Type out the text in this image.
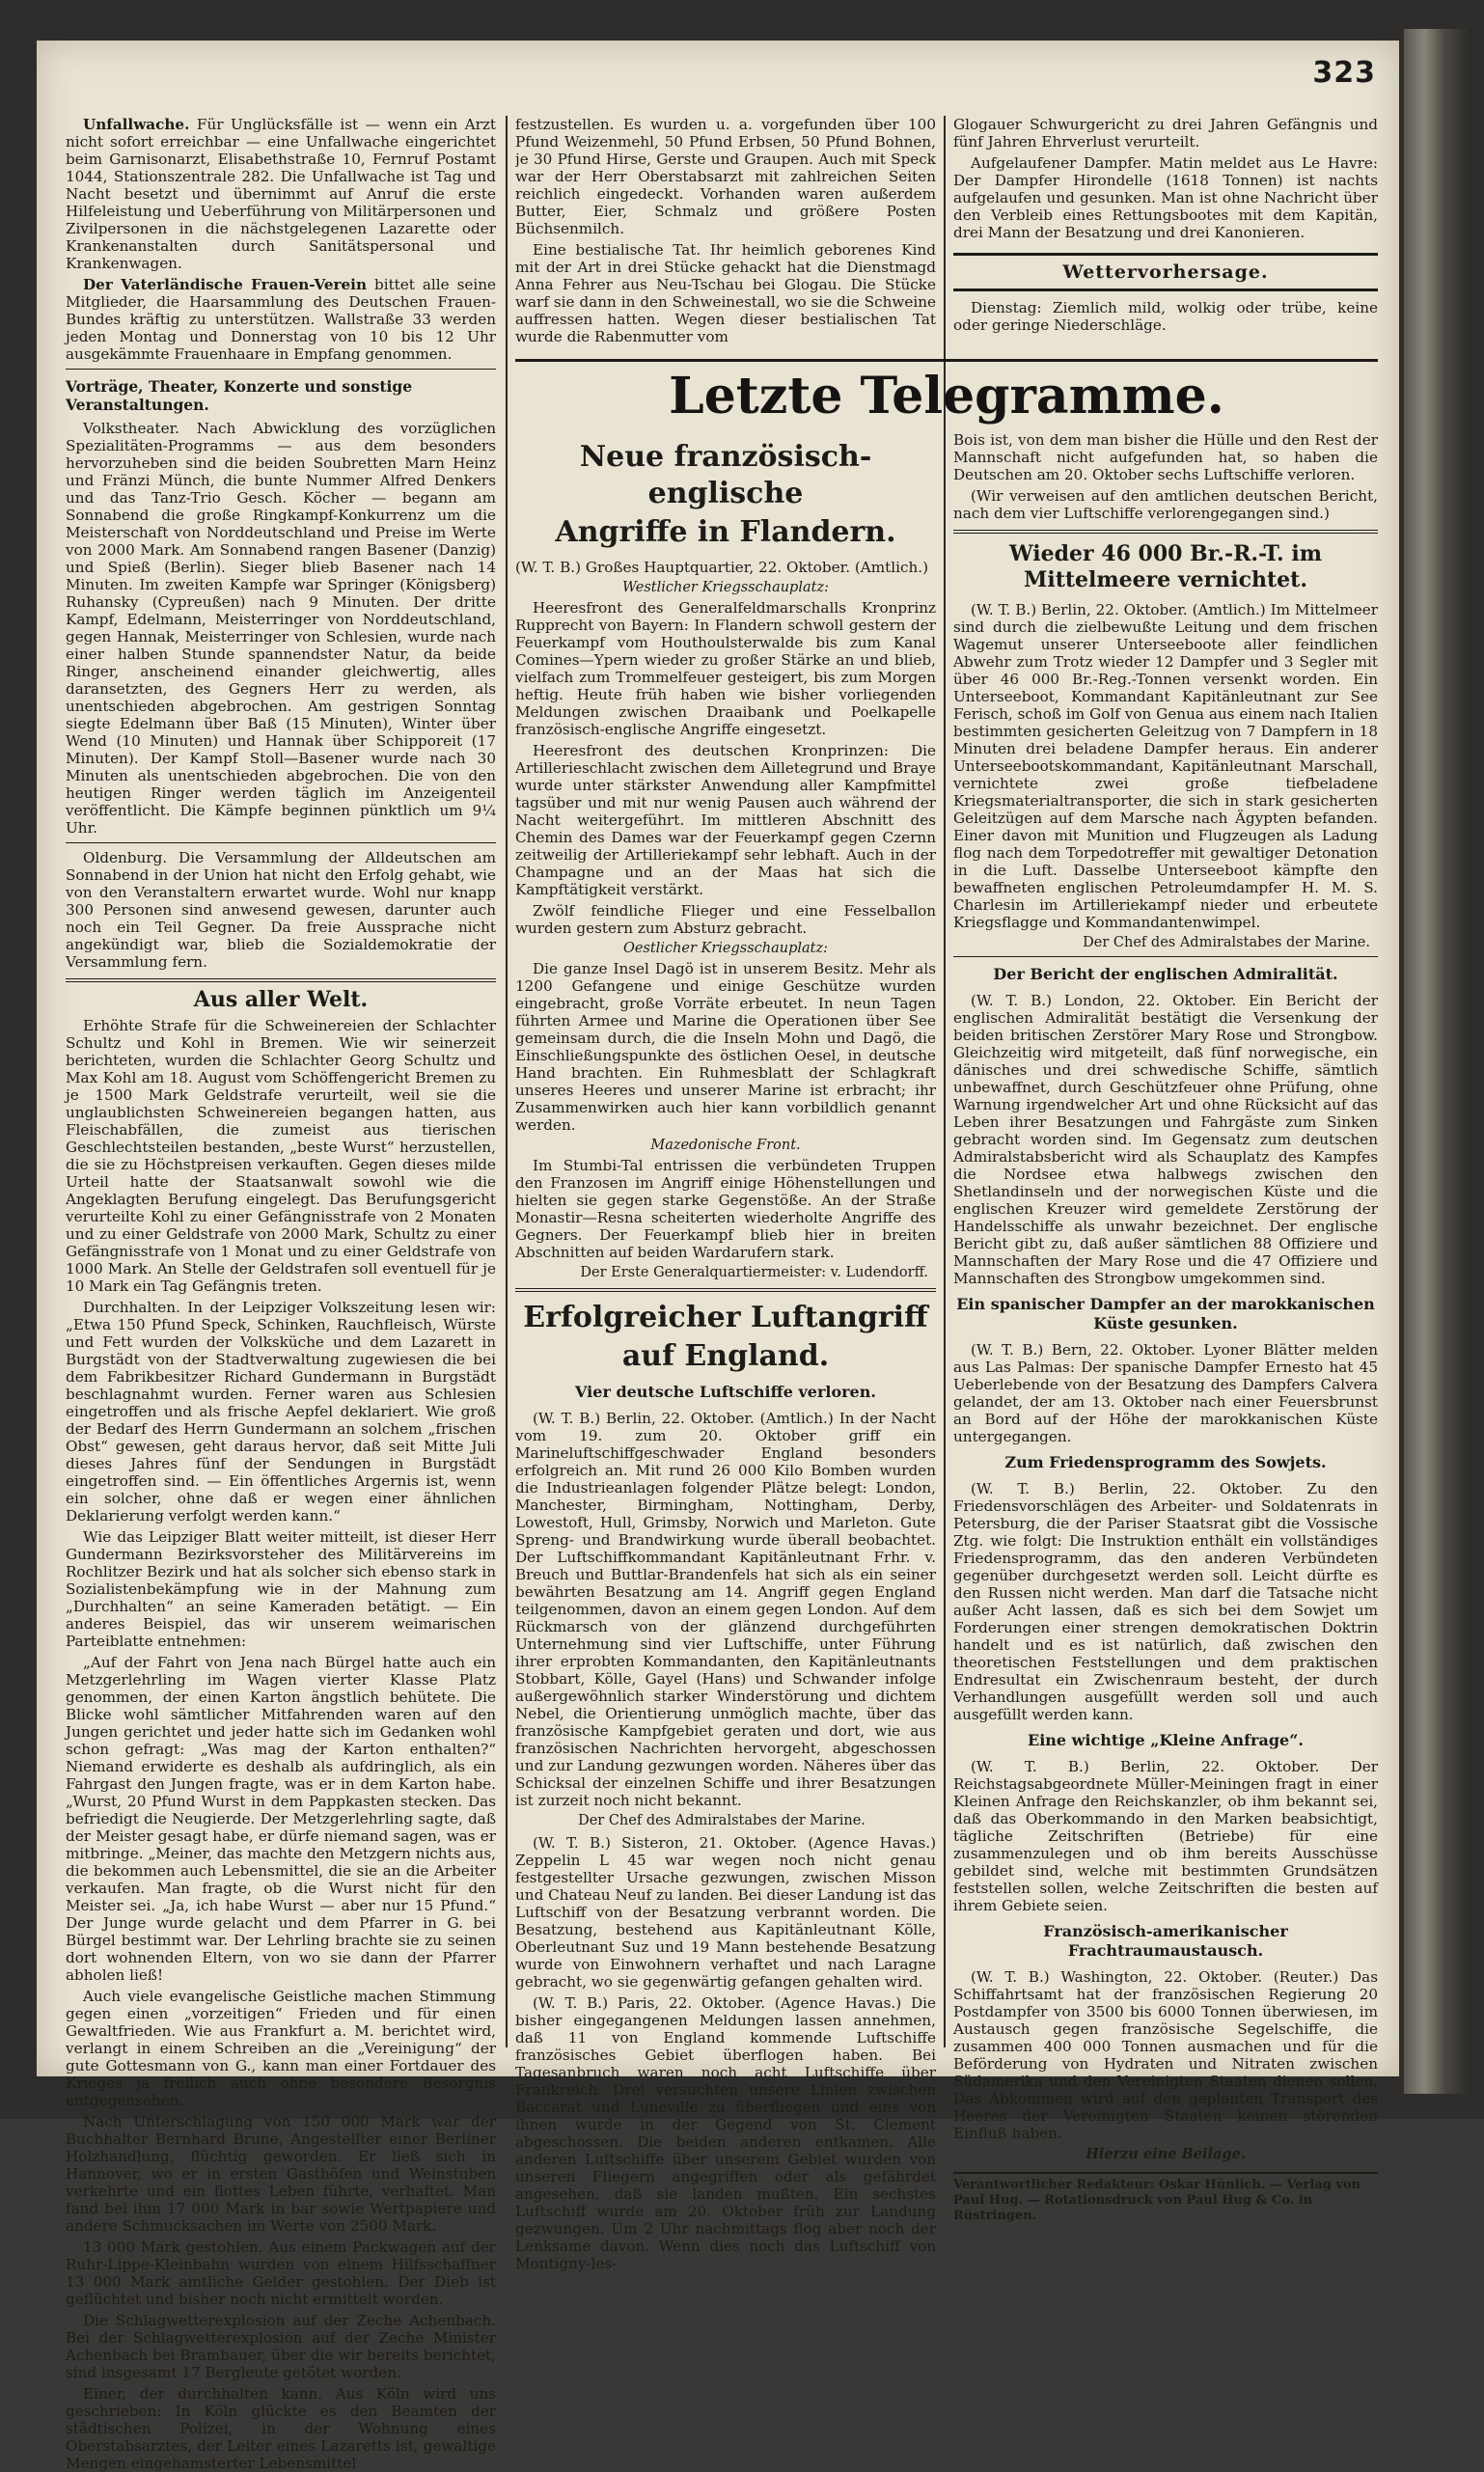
323

Unfallwache. Für Unglücksfälle ist — wenn ein Arzt nicht sofort erreichbar — eine Unfallwache eingerichtet beim Garnisonarzt, Elisabethstraße 10, Fernruf Postamt 1044, Stationszentrale 282. Die Unfallwache ist Tag und Nacht besetzt und übernimmt auf Anruf die erste Hilfeleistung und Ueberführung von Militärpersonen und Zivilpersonen in die nächstgelegenen Lazarette oder Krankenanstalten durch Sanitätspersonal und Krankenwagen.

Der Vaterländische Frauen-Verein bittet alle seine Mitglieder, die Haarsammlung des Deutschen Frauen-Bundes kräftig zu unterstützen. Wallstraße 33 werden jeden Montag und Donnerstag von 10 bis 12 Uhr ausgekämmte Frauenhaare in Empfang genommen.

Vorträge, Theater, Konzerte und sonstige Veranstaltungen.

Volkstheater. Nach Abwicklung des vorzüglichen Spezialitäten-Programms — aus dem besonders hervorzuheben sind die beiden Soubretten Marn Heinz und Fränzi Münch, die bunte Nummer Alfred Denkers und das Tanz-Trio Gesch. Köcher — begann am Sonnabend die große Ringkampf-Konkurrenz um die Meisterschaft von Norddeutschland und Preise im Werte von 2000 Mark. Am Sonnabend rangen Basener (Danzig) und Spieß (Berlin). Sieger blieb Basener nach 14 Minuten. Im zweiten Kampfe war Springer (Königsberg) Ruhansky (Cypreußen) nach 9 Minuten. Der dritte Kampf, Edelmann, Meisterringer von Norddeutschland, gegen Hannak, Meisterringer von Schlesien, wurde nach einer halben Stunde spannendster Natur, da beide Ringer, anscheinend einander gleichwertig, alles daransetzten, des Gegners Herr zu werden, als unentschieden abgebrochen. Am gestrigen Sonntag siegte Edelmann über Baß (15 Minuten), Winter über Wend (10 Minuten) und Hannak über Schipporeit (17 Minuten). Der Kampf Stoll—Basener wurde nach 30 Minuten als unentschieden abgebrochen. Die von den heutigen Ringer werden täglich im Anzeigenteil veröffentlicht. Die Kämpfe beginnen pünktlich um 9¼ Uhr.

Oldenburg. Die Versammlung der Alldeutschen am Sonnabend in der Union hat nicht den Erfolg gehabt, wie von den Veranstaltern erwartet wurde. Wohl nur knapp 300 Personen sind anwesend gewesen, darunter auch noch ein Teil Gegner. Da freie Aussprache nicht angekündigt war, blieb die Sozialdemokratie der Versammlung fern.

Aus aller Welt.

Erhöhte Strafe für die Schweinereien der Schlachter Schultz und Kohl in Bremen. Wie wir seinerzeit berichteten, wurden die Schlachter Georg Schultz und Max Kohl am 18. August vom Schöffengericht Bremen zu je 1500 Mark Geldstrafe verurteilt, weil sie die unglaublichsten Schweinereien begangen hatten, aus Fleischabfällen, die zumeist aus tierischen Geschlechtsteilen bestanden, „beste Wurst“ herzustellen, die sie zu Höchstpreisen verkauften. Gegen dieses milde Urteil hatte der Staatsanwalt sowohl wie die Angeklagten Berufung eingelegt. Das Berufungsgericht verurteilte Kohl zu einer Gefängnisstrafe von 2 Monaten und zu einer Geldstrafe von 2000 Mark, Schultz zu einer Gefängnisstrafe von 1 Monat und zu einer Geldstrafe von 1000 Mark. An Stelle der Geldstrafen soll eventuell für je 10 Mark ein Tag Gefängnis treten.

Durchhalten. In der Leipziger Volkszeitung lesen wir: „Etwa 150 Pfund Speck, Schinken, Rauchfleisch, Würste und Fett wurden der Volksküche und dem Lazarett in Burgstädt von der Stadtverwaltung zugewiesen die bei dem Fabrikbesitzer Richard Gundermann in Burgstädt beschlagnahmt wurden. Ferner waren aus Schlesien eingetroffen und als frische Aepfel deklariert. Wie groß der Bedarf des Herrn Gundermann an solchem „frischen Obst“ gewesen, geht daraus hervor, daß seit Mitte Juli dieses Jahres fünf der Sendungen in Burgstädt eingetroffen sind. — Ein öffentliches Argernis ist, wenn ein solcher, ohne daß er wegen einer ähnlichen Deklarierung verfolgt werden kann.“

Wie das Leipziger Blatt weiter mitteilt, ist dieser Herr Gundermann Bezirksvorsteher des Militärvereins im Rochlitzer Bezirk und hat als solcher sich ebenso stark in Sozialistenbekämpfung wie in der Mahnung zum „Durchhalten“ an seine Kameraden betätigt. — Ein anderes Beispiel, das wir unserem weimarischen Parteiblatte entnehmen:

„Auf der Fahrt von Jena nach Bürgel hatte auch ein Metzgerlehrling im Wagen vierter Klasse Platz genommen, der einen Karton ängstlich behütete. Die Blicke wohl sämtlicher Mitfahrenden waren auf den Jungen gerichtet und jeder hatte sich im Gedanken wohl schon gefragt: „Was mag der Karton enthalten?“ Niemand erwiderte es deshalb als aufdringlich, als ein Fahrgast den Jungen fragte, was er in dem Karton habe. „Wurst, 20 Pfund Wurst in dem Pappkasten stecken. Das befriedigt die Neugierde. Der Metzgerlehrling sagte, daß der Meister gesagt habe, er dürfe niemand sagen, was er mitbringe. „Meiner, das machte den Metzgern nichts aus, die bekommen auch Lebensmittel, die sie an die Arbeiter verkaufen. Man fragte, ob die Wurst nicht für den Meister sei. „Ja, ich habe Wurst — aber nur 15 Pfund.“ Der Junge wurde gelacht und dem Pfarrer in G. bei Bürgel bestimmt war. Der Lehrling brachte sie zu seinen dort wohnenden Eltern, von wo sie dann der Pfarrer abholen ließ!

Auch viele evangelische Geistliche machen Stimmung gegen einen „vorzeitigen“ Frieden und für einen Gewaltfrieden. Wie aus Frankfurt a. M. berichtet wird, verlangt in einem Schreiben an die „Vereinigung“ der gute Gottesmann von G., kann man einer Fortdauer des Krieges ja freilich auch ohne besondere Besorgnis entgegensehen.

Nach Unterschlagung von 150 000 Mark war der Buchhalter Bernhard Brune, Angestellter einer Berliner Holzhandlung, flüchtig geworden. Er ließ sich in Hannover, wo er in ersten Gasthöfen und Weinstuben verkehrte und ein flottes Leben führte, verhaftet. Man fand bei ihm 17 000 Mark in bar sowie Wertpapiere und andere Schmucksachen im Werte von 2500 Mark.

13 000 Mark gestohlen. Aus einem Packwagen auf der Ruhr-Lippe-Kleinbahn wurden von einem Hilfsschaffner 13 000 Mark amtliche Gelder gestohlen. Der Dieb ist geflüchtet und bisher noch nicht ermittelt worden.

Die Schlagwetterexplosion auf der Zeche Achenbach. Bei der Schlagwetterexplosion auf der Zeche Minister Achenbach bei Brambauer, über die wir bereits berichtet, sind insgesamt 17 Bergleute getötet worden.

Einer, der durchhalten kann. Aus Köln wird uns geschrieben: In Köln glückte es den Beamten der städtischen Polizei, in der Wohnung eines Oberstabsarztes, der Leiter eines Lazaretts ist, gewaltige Mengen eingehamsterter Lebensmittel

festzustellen. Es wurden u. a. vorgefunden über 100 Pfund Weizenmehl, 50 Pfund Erbsen, 50 Pfund Bohnen, je 30 Pfund Hirse, Gerste und Graupen. Auch mit Speck war der Herr Oberstabsarzt mit zahlreichen Seiten reichlich eingedeckt. Vorhanden waren außerdem Butter, Eier, Schmalz und größere Posten Büchsenmilch.

Eine bestialische Tat. Ihr heimlich geborenes Kind mit der Art in drei Stücke gehackt hat die Dienstmagd Anna Fehrer aus Neu-Tschau bei Glogau. Die Stücke warf sie dann in den Schweinestall, wo sie die Schweine auffressen hatten. Wegen dieser bestialischen Tat wurde die Rabenmutter vom

Glogauer Schwurgericht zu drei Jahren Gefängnis und fünf Jahren Ehrverlust verurteilt.

Aufgelaufener Dampfer. Matin meldet aus Le Havre: Der Dampfer Hirondelle (1618 Tonnen) ist nachts aufgelaufen und gesunken. Man ist ohne Nachricht über den Verbleib eines Rettungsbootes mit dem Kapitän, drei Mann der Besatzung und drei Kanonieren.

Wettervorhersage.

Dienstag: Ziemlich mild, wolkig oder trübe, keine oder geringe Niederschläge.

Letzte Telegramme.
Neue französisch-englische
Angriffe in Flandern.

(W. T. B.) Großes Hauptquartier, 22. Oktober. (Amtlich.)

Westlicher Kriegsschauplatz:

Heeresfront des Generalfeldmarschalls Kronprinz Rupprecht von Bayern: In Flandern schwoll gestern der Feuerkampf vom Houthoulsterwalde bis zum Kanal Comines—Ypern wieder zu großer Stärke an und blieb, vielfach zum Trommelfeuer gesteigert, bis zum Morgen heftig. Heute früh haben wie bisher vorliegenden Meldungen zwischen Draaibank und Poelkapelle französisch-englische Angriffe eingesetzt.

Heeresfront des deutschen Kronprinzen: Die Artillerieschlacht zwischen dem Ailletegrund und Braye wurde unter stärkster Anwendung aller Kampfmittel tagsüber und mit nur wenig Pausen auch während der Nacht weitergeführt. Im mittleren Abschnitt des Chemin des Dames war der Feuerkampf gegen Czernn zeitweilig der Artilleriekampf sehr lebhaft. Auch in der Champagne und an der Maas hat sich die Kampftätigkeit verstärkt.

Zwölf feindliche Flieger und eine Fesselballon wurden gestern zum Absturz gebracht.

Oestlicher Kriegsschauplatz:

Die ganze Insel Dagö ist in unserem Besitz. Mehr als 1200 Gefangene und einige Geschütze wurden eingebracht, große Vorräte erbeutet. In neun Tagen führten Armee und Marine die Operationen über See gemeinsam durch, die die Inseln Mohn und Dagö, die Einschließungspunkte des östlichen Oesel, in deutsche Hand brachten. Ein Ruhmesblatt der Schlagkraft unseres Heeres und unserer Marine ist erbracht; ihr Zusammenwirken auch hier kann vorbildlich genannt werden.

Mazedonische Front.

Im Stumbi-Tal entrissen die verbündeten Truppen den Franzosen im Angriff einige Höhenstellungen und hielten sie gegen starke Gegenstöße. An der Straße Monastir—Resna scheiterten wiederholte Angriffe des Gegners. Der Feuerkampf blieb hier in breiten Abschnitten auf beiden Wardarufern stark.

Der Erste Generalquartiermeister: v. Ludendorff.
Erfolgreicher Luftangriff
auf England.
Vier deutsche Luftschiffe verloren.

(W. T. B.) Berlin, 22. Oktober. (Amtlich.) In der Nacht vom 19. zum 20. Oktober griff ein Marineluftschiffgeschwader England besonders erfolgreich an. Mit rund 26 000 Kilo Bomben wurden die Industrieanlagen folgender Plätze belegt: London, Manchester, Birmingham, Nottingham, Derby, Lowestoft, Hull, Grimsby, Norwich und Marleton. Gute Spreng- und Brandwirkung wurde überall beobachtet. Der Luftschiffkommandant Kapitänleutnant Frhr. v. Breuch und Buttlar-Brandenfels hat sich als ein seiner bewährten Besatzung am 14. Angriff gegen England teilgenommen, davon an einem gegen London. Auf dem Rückmarsch von der glänzend durchgeführten Unternehmung sind vier Luftschiffe, unter Führung ihrer erprobten Kommandanten, den Kapitänleutnants Stobbart, Kölle, Gayel (Hans) und Schwander infolge außergewöhnlich starker Winderstörung und dichtem Nebel, die Orientierung unmöglich machte, über das französische Kampfgebiet geraten und dort, wie aus französischen Nachrichten hervorgeht, abgeschossen und zur Landung gezwungen worden. Näheres über das Schicksal der einzelnen Schiffe und ihrer Besatzungen ist zurzeit noch nicht bekannt.

Der Chef des Admiralstabes der Marine.

(W. T. B.) Sisteron, 21. Oktober. (Agence Havas.) Zeppelin L 45 war wegen noch nicht genau festgestellter Ursache gezwungen, zwischen Misson und Chateau Neuf zu landen. Bei dieser Landung ist das Luftschiff von der Besatzung verbrannt worden. Die Besatzung, bestehend aus Kapitänleutnant Kölle, Oberleutnant Suz und 19 Mann bestehende Besatzung wurde von Einwohnern verhaftet und nach Laragne gebracht, wo sie gegenwärtig gefangen gehalten wird.

(W. T. B.) Paris, 22. Oktober. (Agence Havas.) Die bisher eingegangenen Meldungen lassen annehmen, daß 11 von England kommende Luftschiffe französisches Gebiet überflogen haben. Bei Tagesanbruch waren noch acht Luftschiffe über Frankreich. Drei versuchten unsere Linien zwischen Baccarat und Luneville zu überfliegen und eins von ihnen wurde in der Gegend von St. Clement abgeschossen. Die beiden anderen entkamen. Alle anderen Luftschiffe über unserem Gebiet wurden von unseren Fliegern angegriffen oder als gefährdet angesehen, daß sie landen mußten. Ein sechstes Luftschiff wurde am 20. Oktober früh zur Landung gezwungen. Um 2 Uhr nachmittags flog aber noch der Lenksame davon. Wenn dies noch das Luftschiff von Montigny-les-

Bois ist, von dem man bisher die Hülle und den Rest der Mannschaft nicht aufgefunden hat, so haben die Deutschen am 20. Oktober sechs Luftschiffe verloren.

(Wir verweisen auf den amtlichen deutschen Bericht, nach dem vier Luftschiffe verlorengegangen sind.)

Wieder 46 000 Br.-R.-T. im Mittelmeere vernichtet.

(W. T. B.) Berlin, 22. Oktober. (Amtlich.) Im Mittelmeer sind durch die zielbewußte Leitung und dem frischen Wagemut unserer Unterseeboote aller feindlichen Abwehr zum Trotz wieder 12 Dampfer und 3 Segler mit über 46 000 Br.-Reg.-Tonnen versenkt worden. Ein Unterseeboot, Kommandant Kapitänleutnant zur See Ferisch, schoß im Golf von Genua aus einem nach Italien bestimmten gesicherten Geleitzug von 7 Dampfern in 18 Minuten drei beladene Dampfer heraus. Ein anderer Unterseebootskommandant, Kapitänleutnant Marschall, vernichtete zwei große tiefbeladene Kriegsmaterialtransporter, die sich in stark gesicherten Geleitzügen auf dem Marsche nach Ägypten befanden. Einer davon mit Munition und Flugzeugen als Ladung flog nach dem Torpedotreffer mit gewaltiger Detonation in die Luft. Dasselbe Unterseeboot kämpfte den bewaffneten englischen Petroleumdampfer H. M. S. Charlesin im Artilleriekampf nieder und erbeutete Kriegsflagge und Kommandantenwimpel.

Der Chef des Admiralstabes der Marine.
Der Bericht der englischen Admiralität.

(W. T. B.) London, 22. Oktober. Ein Bericht der englischen Admiralität bestätigt die Versenkung der beiden britischen Zerstörer Mary Rose und Strongbow. Gleichzeitig wird mitgeteilt, daß fünf norwegische, ein dänisches und drei schwedische Schiffe, sämtlich unbewaffnet, durch Geschützfeuer ohne Prüfung, ohne Warnung irgendwelcher Art und ohne Rücksicht auf das Leben ihrer Besatzungen und Fahrgäste zum Sinken gebracht worden sind. Im Gegensatz zum deutschen Admiralstabsbericht wird als Schauplatz des Kampfes die Nordsee etwa halbwegs zwischen den Shetlandinseln und der norwegischen Küste und die englischen Kreuzer wird gemeldete Zerstörung der Handelsschiffe als unwahr bezeichnet. Der englische Bericht gibt zu, daß außer sämtlichen 88 Offiziere und Mannschaften der Mary Rose und die 47 Offiziere und Mannschaften des Strongbow umgekommen sind.

Ein spanischer Dampfer an der marokkanischen Küste gesunken.

(W. T. B.) Bern, 22. Oktober. Lyoner Blätter melden aus Las Palmas: Der spanische Dampfer Ernesto hat 45 Ueberlebende von der Besatzung des Dampfers Calvera gelandet, der am 13. Oktober nach einer Feuersbrunst an Bord auf der Höhe der marokkanischen Küste untergegangen.

Zum Friedensprogramm des Sowjets.

(W. T. B.) Berlin, 22. Oktober. Zu den Friedensvorschlägen des Arbeiter- und Soldatenrats in Petersburg, die der Pariser Staatsrat gibt die Vossische Ztg. wie folgt: Die Instruktion enthält ein vollständiges Friedensprogramm, das den anderen Verbündeten gegenüber durchgesetzt werden soll. Leicht dürfte es den Russen nicht werden. Man darf die Tatsache nicht außer Acht lassen, daß es sich bei dem Sowjet um Forderungen einer strengen demokratischen Doktrin handelt und es ist natürlich, daß zwischen den theoretischen Feststellungen und dem praktischen Endresultat ein Zwischenraum besteht, der durch Verhandlungen ausgefüllt werden soll und auch ausgefüllt werden kann.

Eine wichtige „Kleine Anfrage“.

(W. T. B.) Berlin, 22. Oktober. Der Reichstagsabgeordnete Müller-Meiningen fragt in einer Kleinen Anfrage den Reichskanzler, ob ihm bekannt sei, daß das Oberkommando in den Marken beabsichtigt, tägliche Zeitschriften (Betriebe) für eine zusammenzulegen und ob ihm bereits Ausschüsse gebildet sind, welche mit bestimmten Grundsätzen feststellen sollen, welche Zeitschriften die besten auf ihrem Gebiete seien.

Französisch-amerikanischer Frachtraumaustausch.

(W. T. B.) Washington, 22. Oktober. (Reuter.) Das Schiffahrtsamt hat der französischen Regierung 20 Postdampfer von 3500 bis 6000 Tonnen überwiesen, im Austausch gegen französische Segelschiffe, die zusammen 400 000 Tonnen ausmachen und für die Beförderung von Hydraten und Nitraten zwischen Südamerika und den Vereinigten Staaten dienen sollen. Das Abkommen wird auf den geplanten Transport des Heeres der Vereinigten Staaten keinen störenden Einfluß haben.

Hierzu eine Beilage.
Verantwortlicher Redakteur: Oskar Hünlich. — Verlag von Paul Hug. — Rotationsdruck von Paul Hug & Co. in Rüstringen.
